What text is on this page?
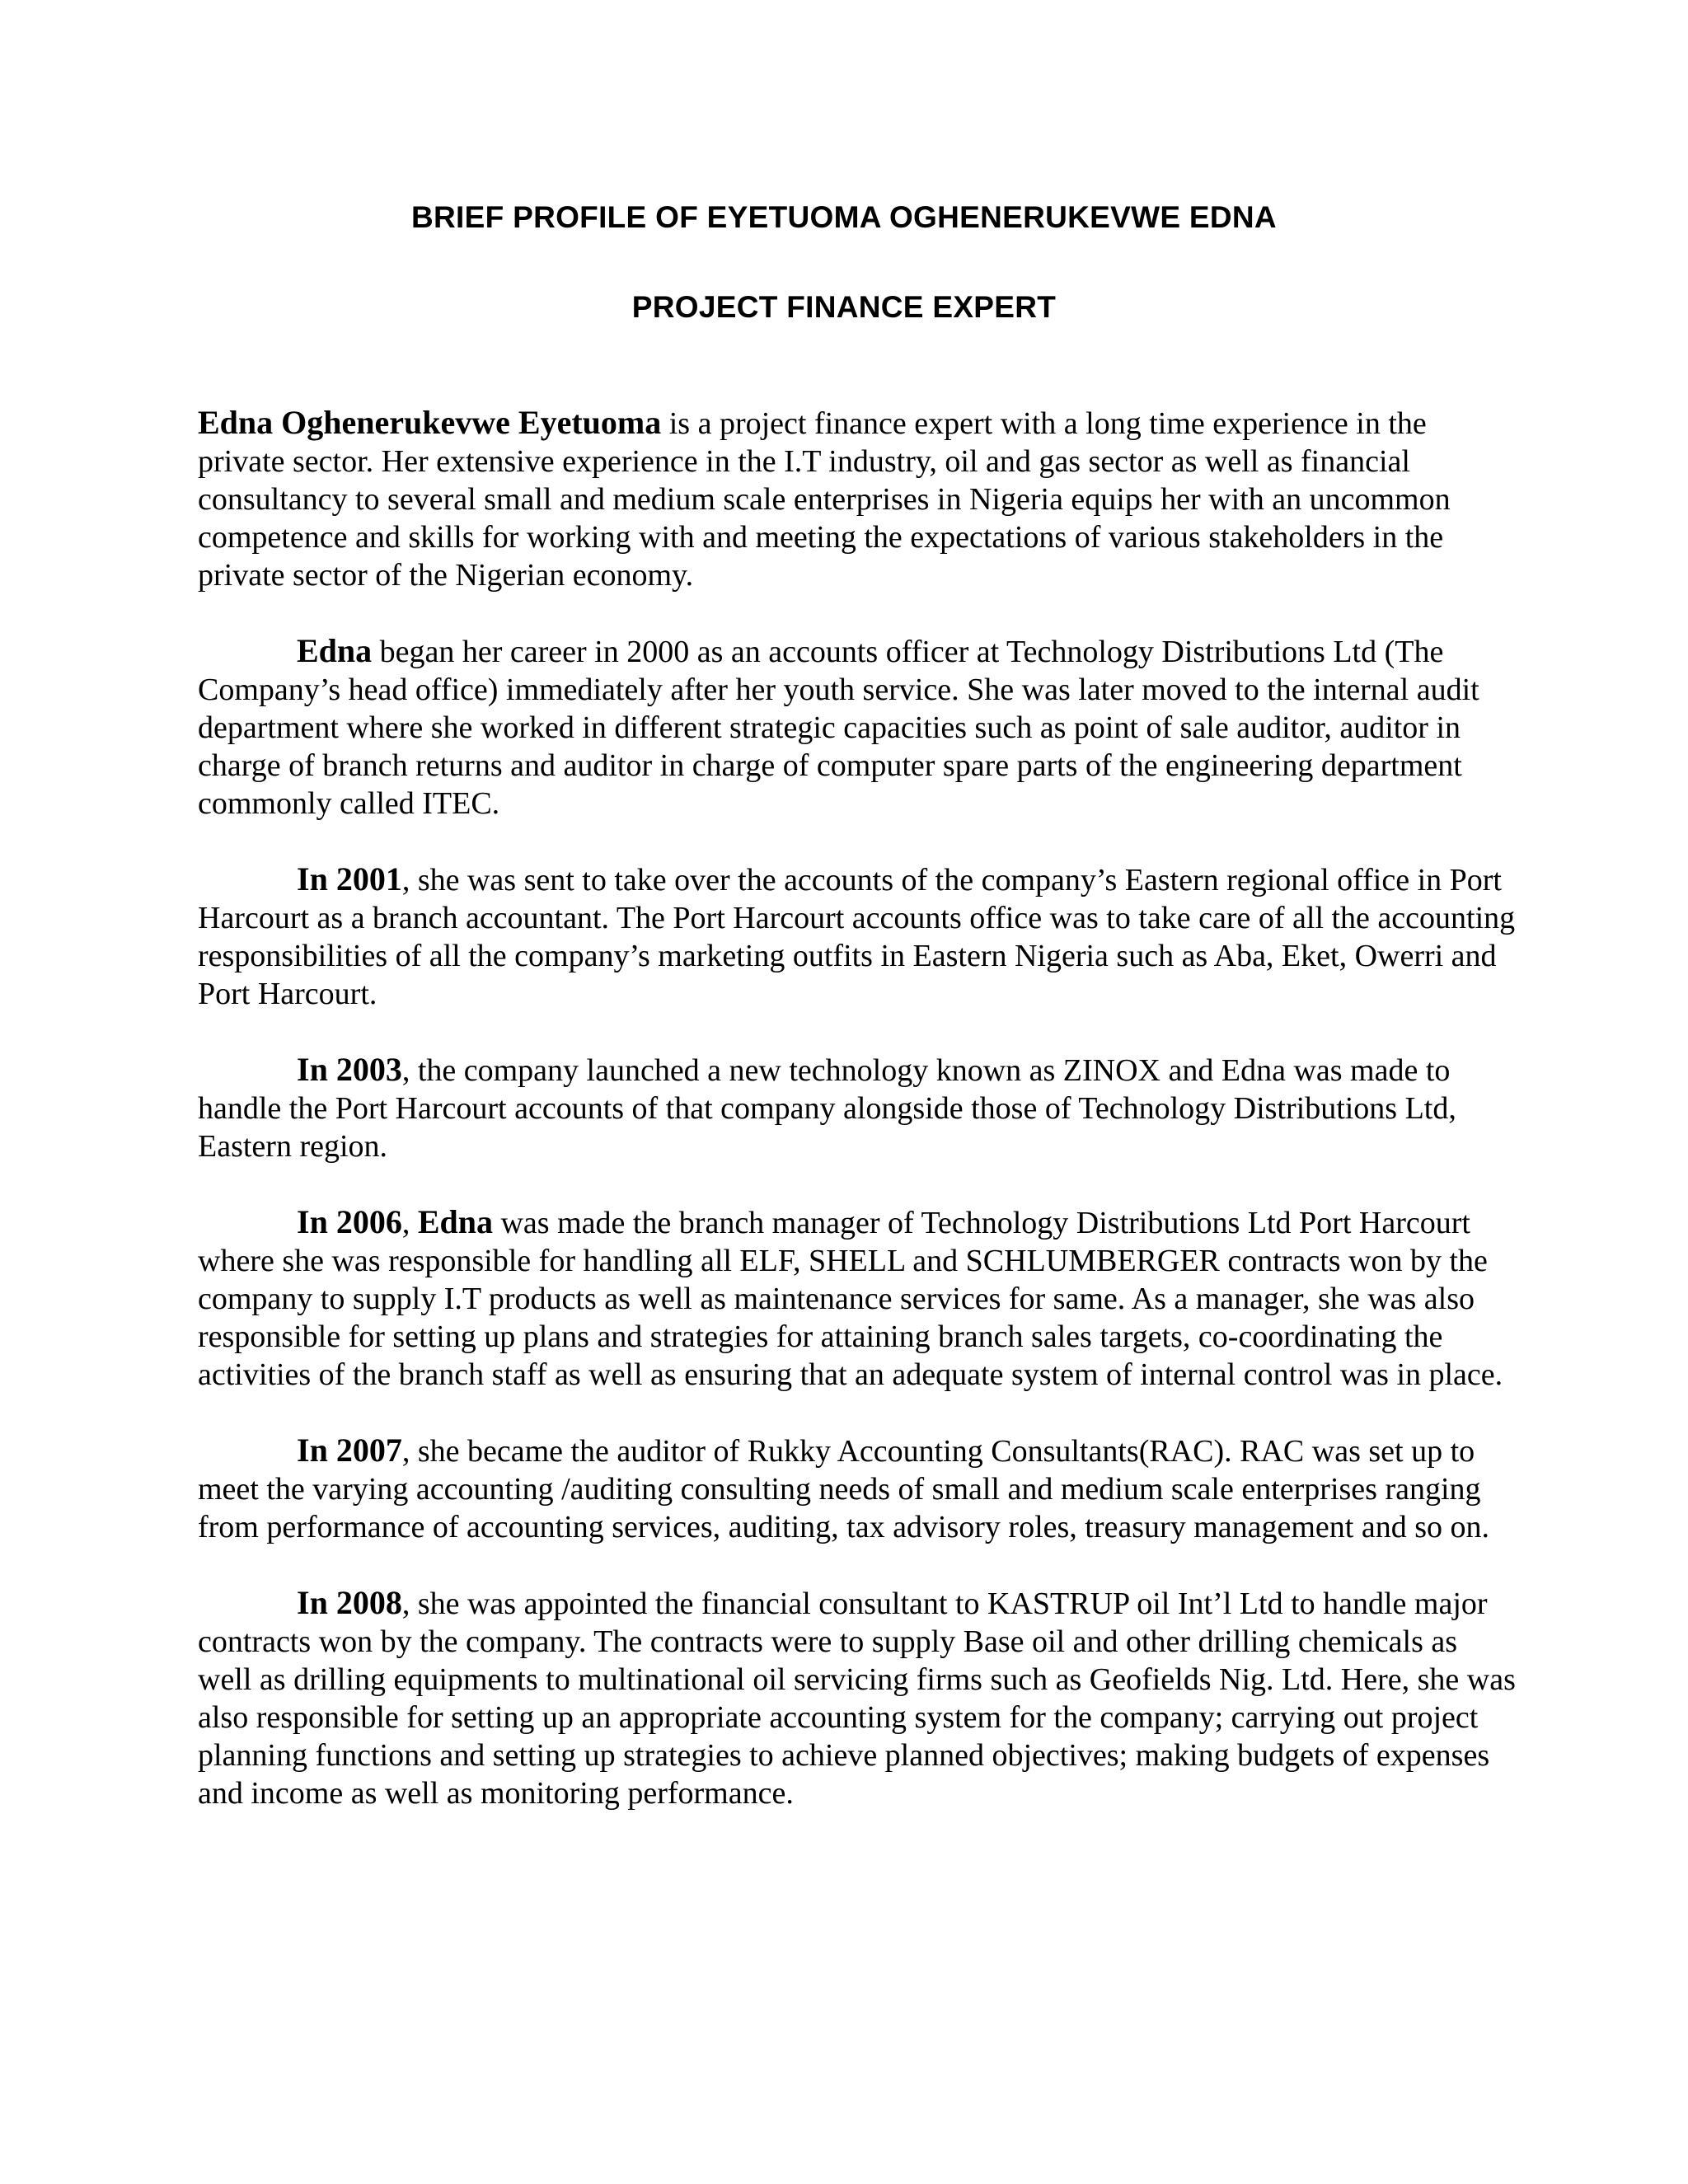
BRIEF PROFILE OF EYETUOMA OGHENERUKEVWE EDNA
PROJECT FINANCE EXPERT

Edna Oghenerukevwe Eyetuoma is a project finance expert with a long time experience in the private sector. Her extensive experience in the I.T industry, oil and gas sector as well as financial consultancy to several small and medium scale enterprises in Nigeria equips her with an uncommon competence and skills for working with and meeting the expectations of various stakeholders in the private sector of the Nigerian economy.

Edna began her career in 2000 as an accounts officer at Technology Distributions Ltd (The Company’s head office) immediately after her youth service. She was later moved to the internal audit department where she worked in different strategic capacities such as point of sale auditor, auditor in charge of branch returns and auditor in charge of computer spare parts of the engineering department commonly called ITEC.

In 2001, she was sent to take over the accounts of the company’s Eastern regional office in Port Harcourt as a branch accountant. The Port Harcourt accounts office was to take care of all the accounting responsibilities of all the company’s marketing outfits in Eastern Nigeria such as Aba, Eket, Owerri and Port Harcourt.

In 2003, the company launched a new technology known as ZINOX and Edna was made to handle the Port Harcourt accounts of that company alongside those of Technology Distributions Ltd, Eastern region.

In 2006, Edna was made the branch manager of Technology Distributions Ltd Port Harcourt where she was responsible for handling all ELF, SHELL and SCHLUMBERGER contracts won by the company to supply I.T products as well as maintenance services for same. As a manager, she was also responsible for setting up plans and strategies for attaining branch sales targets, co-coordinating the activities of the branch staff as well as ensuring that an adequate system of internal control was in place.

In 2007, she became the auditor of Rukky Accounting Consultants(RAC). RAC was set up to meet the varying accounting /auditing consulting needs of small and medium scale enterprises ranging from performance of accounting services, auditing, tax advisory roles, treasury management and so on.

In 2008, she was appointed the financial consultant to KASTRUP oil Int’l Ltd to handle major contracts won by the company. The contracts were to supply Base oil and other drilling chemicals as well as drilling equipments to multinational oil servicing firms such as Geofields Nig. Ltd. Here, she was also responsible for setting up an appropriate accounting system for the company; carrying out project planning functions and setting up strategies to achieve planned objectives; making budgets of expenses and income as well as monitoring performance.
